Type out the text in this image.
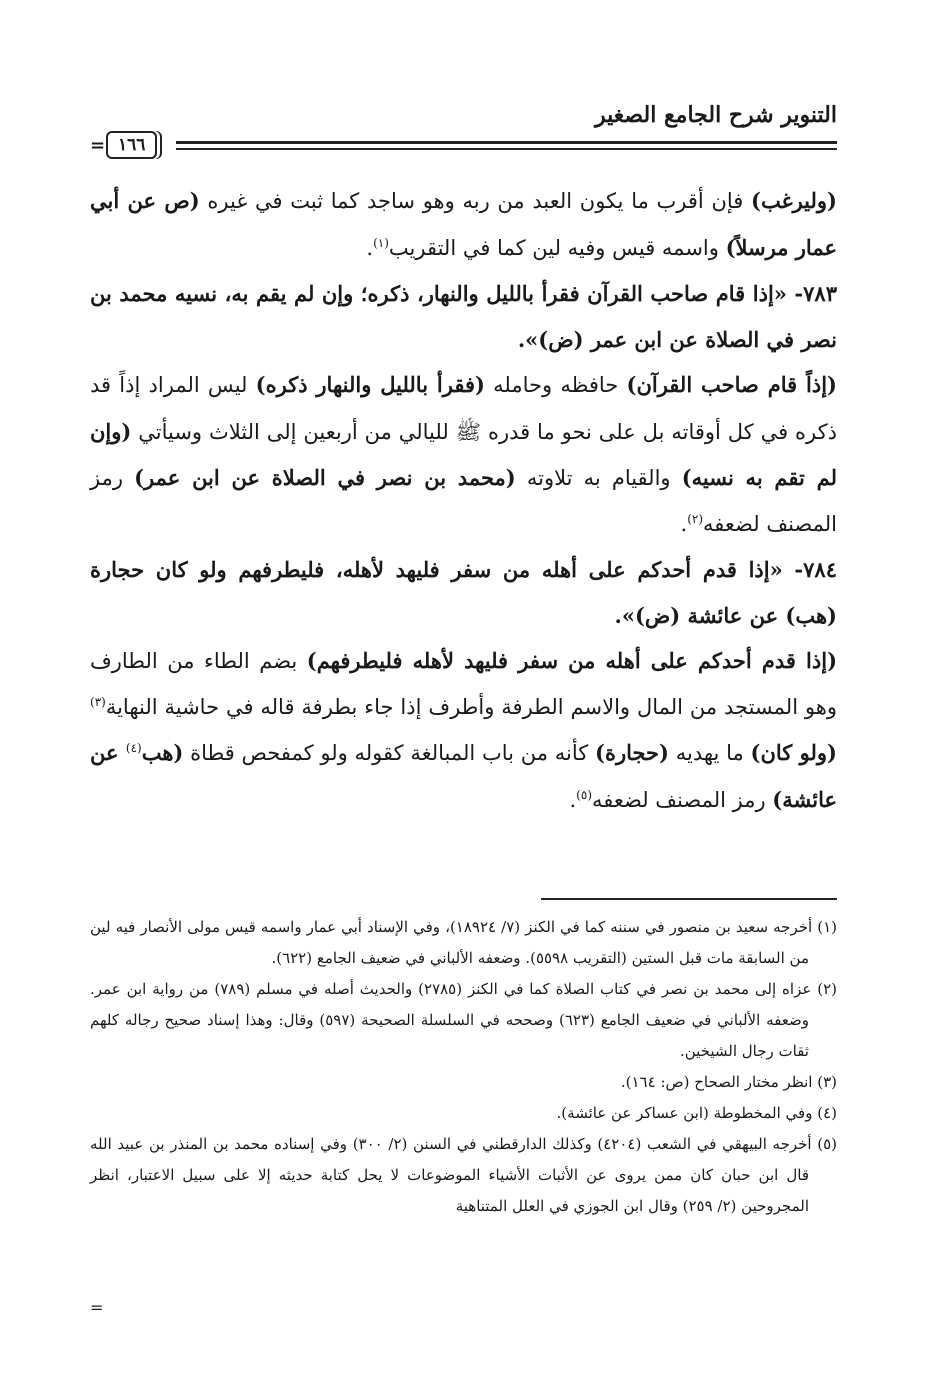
التنوير شرح الجامع الصغير
= ١٦٦

(وليرغب) فإن أقرب ما يكون العبد من ربه وهو ساجد كما ثبت في غيره (ص عن أبي عمار مرسلاً) واسمه قيس وفيه لين كما في التقريب$^{(١)}$.

٧٨٣- «إذا قام صاحب القرآن فقرأ بالليل والنهار، ذكره؛ وإن لم يقم به، نسيه محمد بن نصر في الصلاة عن ابن عمر (ض)».

(إذاً قام صاحب القرآن) حافظه وحامله (فقرأ بالليل والنهار ذكره) ليس المراد إذاً قد ذكره في كل أوقاته بل على نحو ما قدره ﷺ لليالي من أربعين إلى الثلاث وسيأتي (وإن لم تقم به نسيه) والقيام به تلاوته (محمد بن نصر في الصلاة عن ابن عمر) رمز المصنف لضعفه$^{(٢)}$.

٧٨٤- «إذا قدم أحدكم على أهله من سفر فليهد لأهله، فليطرفهم ولو كان حجارة (هب) عن عائشة (ض)».

(إذا قدم أحدكم على أهله من سفر فليهد لأهله فليطرفهم) بضم الطاء من الطارف وهو المستجد من المال والاسم الطرفة وأطرف إذا جاء بطرفة قاله في حاشية النهاية$^{(٣)}$ (ولو كان) ما يهديه (حجارة) كأنه من باب المبالغة كقوله ولو كمفحص قطاة (هب$^{(٤)}$ عن عائشة) رمز المصنف لضعفه$^{(٥)}$.

(١) أخرجه سعيد بن منصور في سننه كما في الكنز (٧/ ١٨٩٢٤)، وفي الإسناد أبي عمار واسمه قيس مولى الأنصار فيه لين من السابقة مات قبل الستين (التقريب ٥٥٩٨). وضعفه الألباني في ضعيف الجامع (٦٢٢).

(٢) عزاه إلى محمد بن نصر في كتاب الصلاة كما في الكنز (٢٧٨٥) والحديث أصله في مسلم (٧٨٩) من رواية ابن عمر. وضعفه الألباني في ضعيف الجامع (٦٢٣) وصححه في السلسلة الصحيحة (٥٩٧) وقال: وهذا إسناد صحيح رجاله كلهم ثقات رجال الشيخين.

(٣) انظر مختار الصحاح (ص: ١٦٤).

(٤) وفي المخطوطة (ابن عساكر عن عائشة).

(٥) أخرجه البيهقي في الشعب (٤٢٠٤) وكذلك الدارقطني في السنن (٢/ ٣٠٠) وفي إسناده محمد بن المنذر بن عبيد الله قال ابن حبان كان ممن يروى عن الأثبات الأشياء الموضوعات لا يحل كتابة حديثه إلا على سبيل الاعتبار، انظر المجروحين (٢/ ٢٥٩) وقال ابن الجوزي في العلل المتناهية

=
